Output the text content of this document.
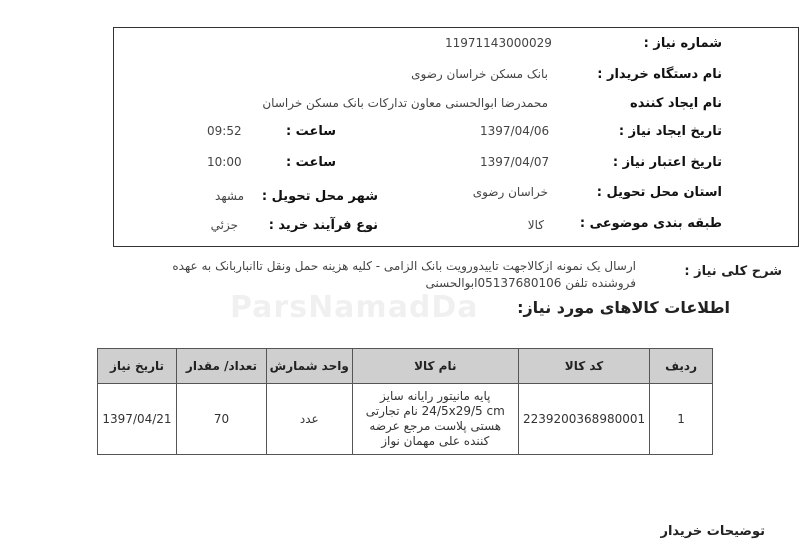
ParsNamadDa
شماره نیاز :
11971143000029
نام دستگاه خریدار :
بانک مسکن خراسان رضوی
نام ایجاد کننده
محمدرضا ابوالحسنی معاون تدارکات بانک مسکن خراسان
تاریخ ایجاد نیاز :
1397/04/06
ساعت :
09:52
تاریخ اعتبار نیاز :
1397/04/07
ساعت :
10:00
استان محل تحویل :
خراسان رضوی
شهر محل تحویل :
مشهد
طبقه بندی موضوعی :
کالا
نوع فرآیند خرید :
جزئي
شرح کلی نیاز :
ارسال یک نمونه ازکالاجهت تاییدورویت بانک الزامی - کلیه هزینه حمل ونقل تاانباربانک به عهده فروشنده تلفن 05137680106ابوالحسنی
اطلاعات کالاهای مورد نیاز:
ردیف	کد کالا	نام کالا	واحد شمارش	تعداد/ مقدار	تاریخ نیاز
1	2239200368980001	پایه مانیتور رایانه سایز 24/5x29/5 cm نام تجارتی هستی پلاست مرجع عرضه کننده علی مهمان نواز	عدد	70	1397/04/21
توضیحات خریدار
